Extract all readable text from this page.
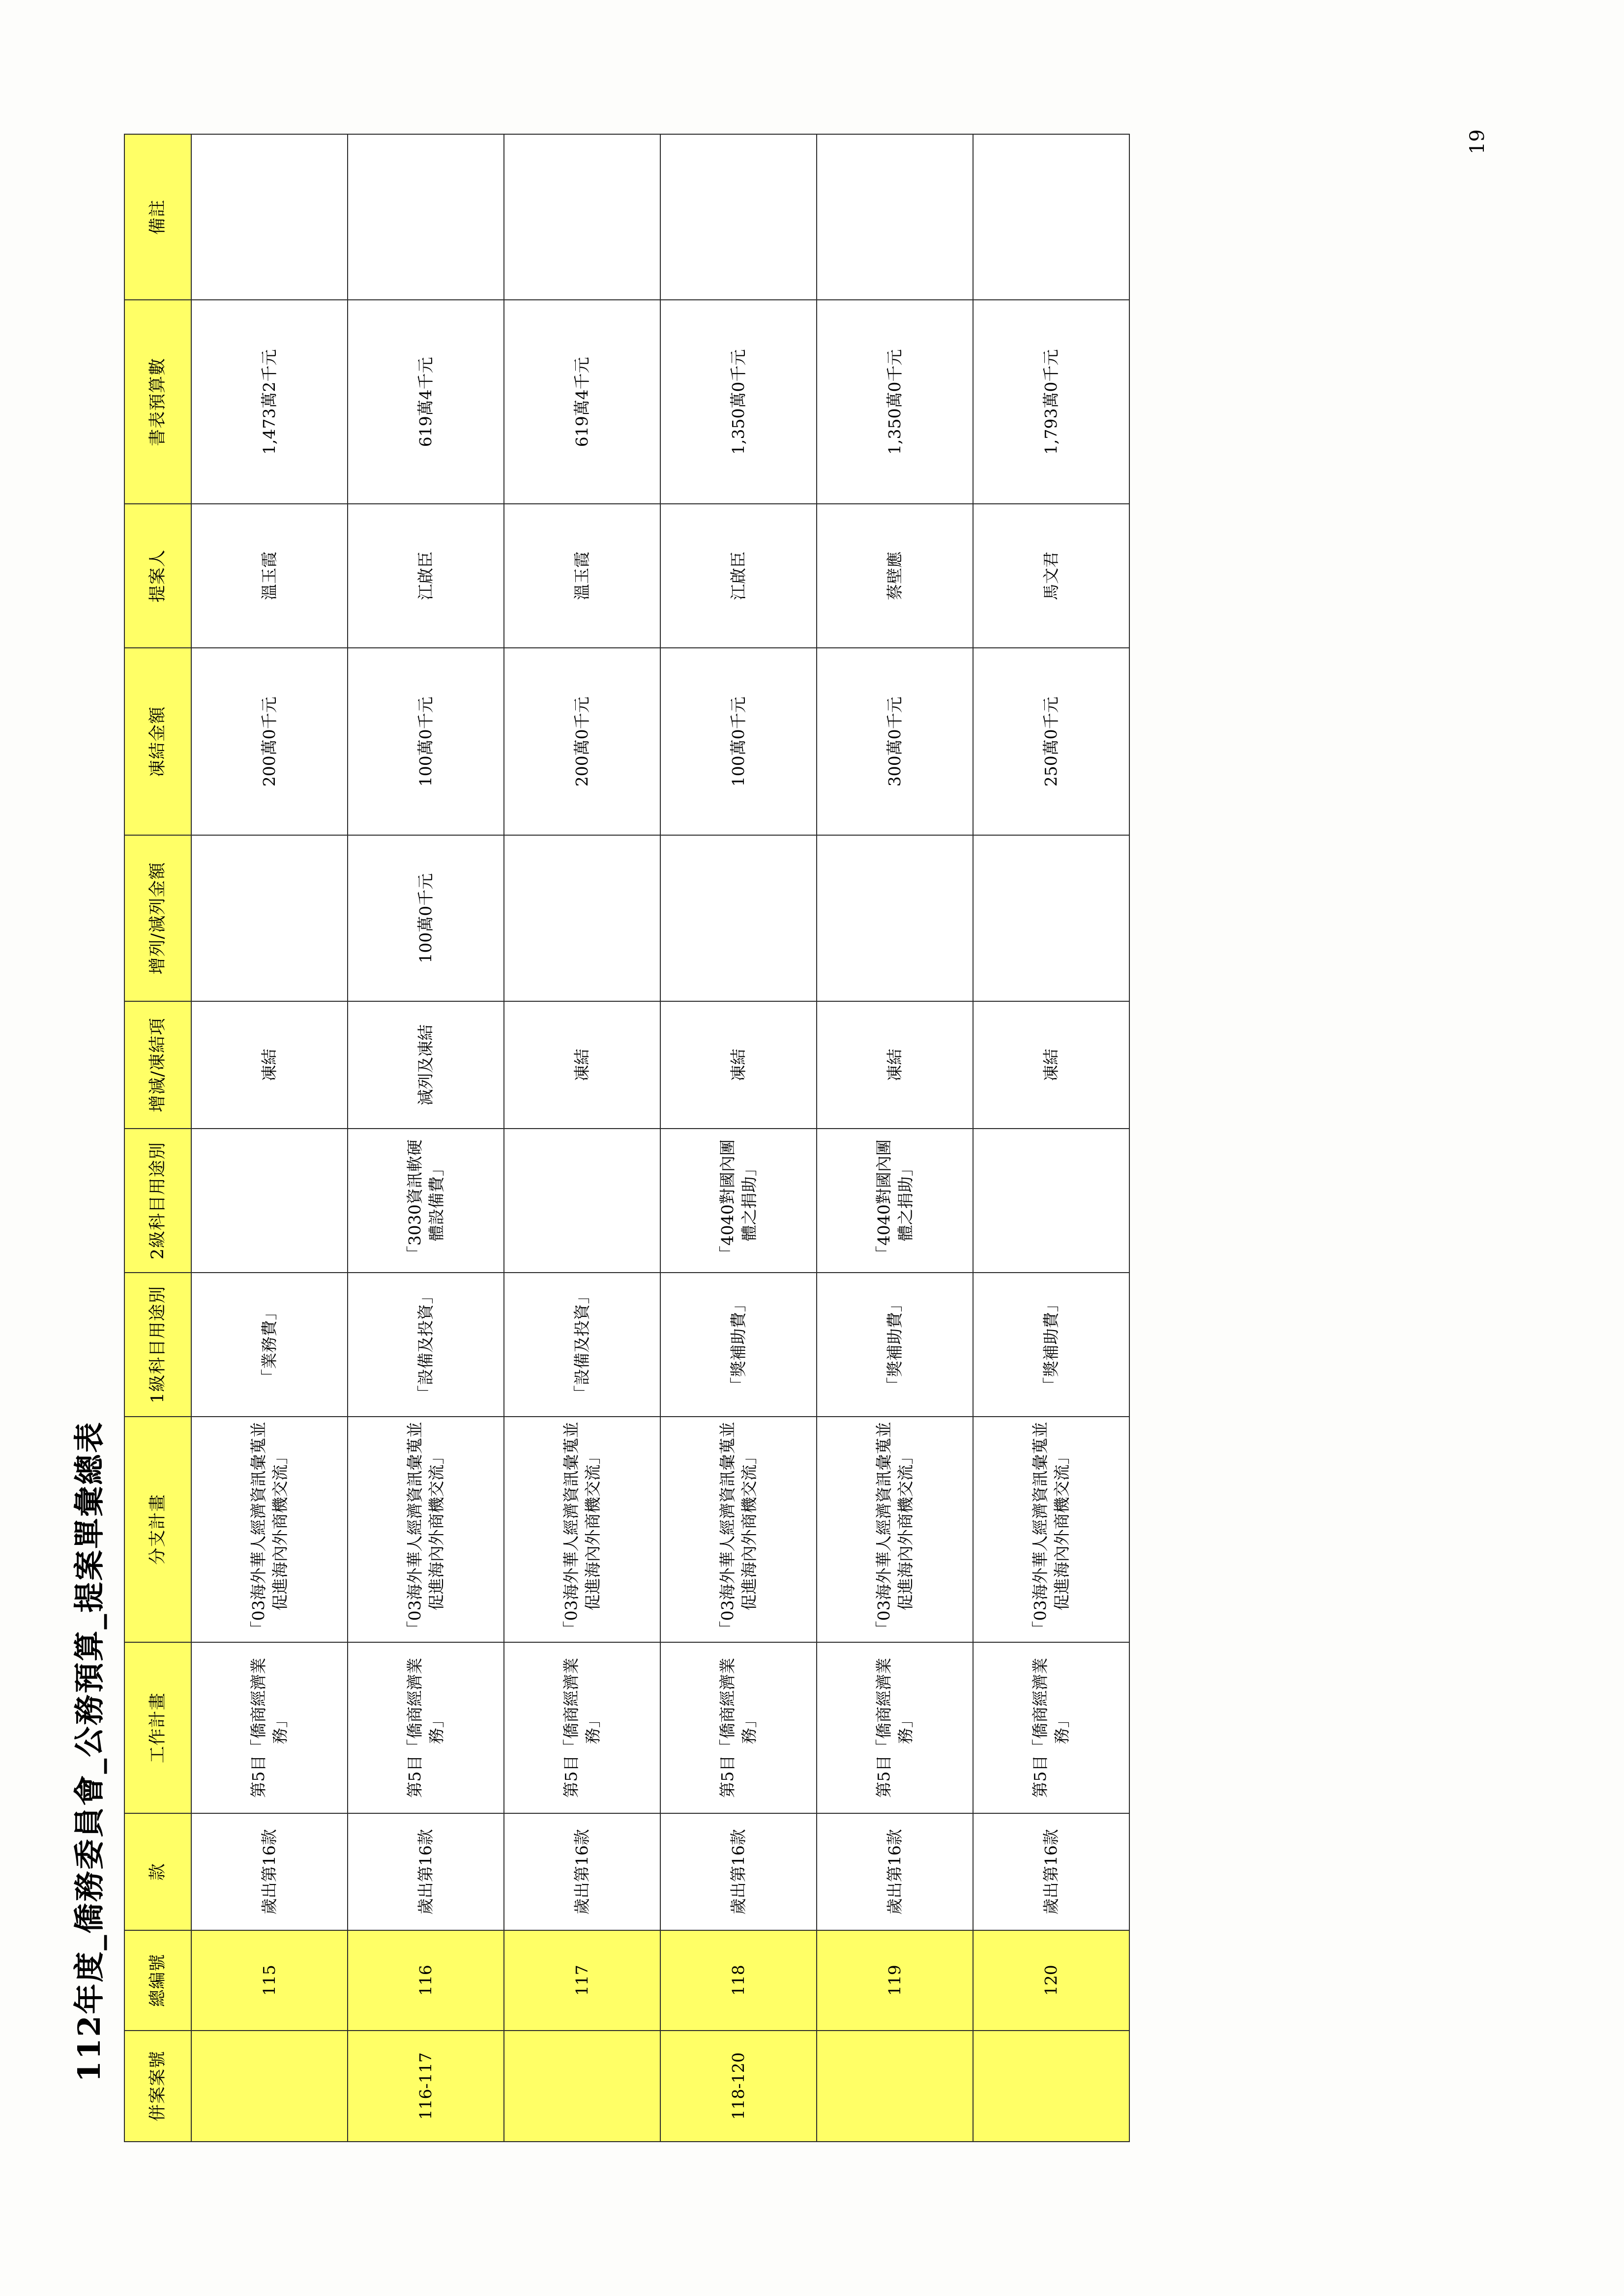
112年度_僑務委員會_公務預算_提案單彙總表
19
併案案號	總編號	款	工作計畫	分支計畫	1級科目用途別	2級科目用途別	增減/凍結項	增列/減列金額	凍結金額	提案人	書表預算數	備註
	115	歲出第16款	第5目「僑商經濟業務」	「03海外華人經濟資訊彙蒐並促進海內外商機交流」	「業務費」		凍結		200萬0千元	溫玉霞	1,473萬2千元	
116-117	116	歲出第16款	第5目「僑商經濟業務」	「03海外華人經濟資訊彙蒐並促進海內外商機交流」	「設備及投資」	「3030資訊軟硬體設備費」	減列及凍結	100萬0千元	100萬0千元	江啟臣	619萬4千元	
	117	歲出第16款	第5目「僑商經濟業務」	「03海外華人經濟資訊彙蒐並促進海內外商機交流」	「設備及投資」		凍結		200萬0千元	溫玉霞	619萬4千元	
118-120	118	歲出第16款	第5目「僑商經濟業務」	「03海外華人經濟資訊彙蒐並促進海內外商機交流」	「獎補助費」	「4040對國內團體之捐助」	凍結		100萬0千元	江啟臣	1,350萬0千元	
	119	歲出第16款	第5目「僑商經濟業務」	「03海外華人經濟資訊彙蒐並促進海內外商機交流」	「獎補助費」	「4040對國內團體之捐助」	凍結		300萬0千元	蔡壁應	1,350萬0千元	
	120	歲出第16款	第5目「僑商經濟業務」	「03海外華人經濟資訊彙蒐並促進海內外商機交流」	「獎補助費」		凍結		250萬0千元	馬文君	1,793萬0千元	
